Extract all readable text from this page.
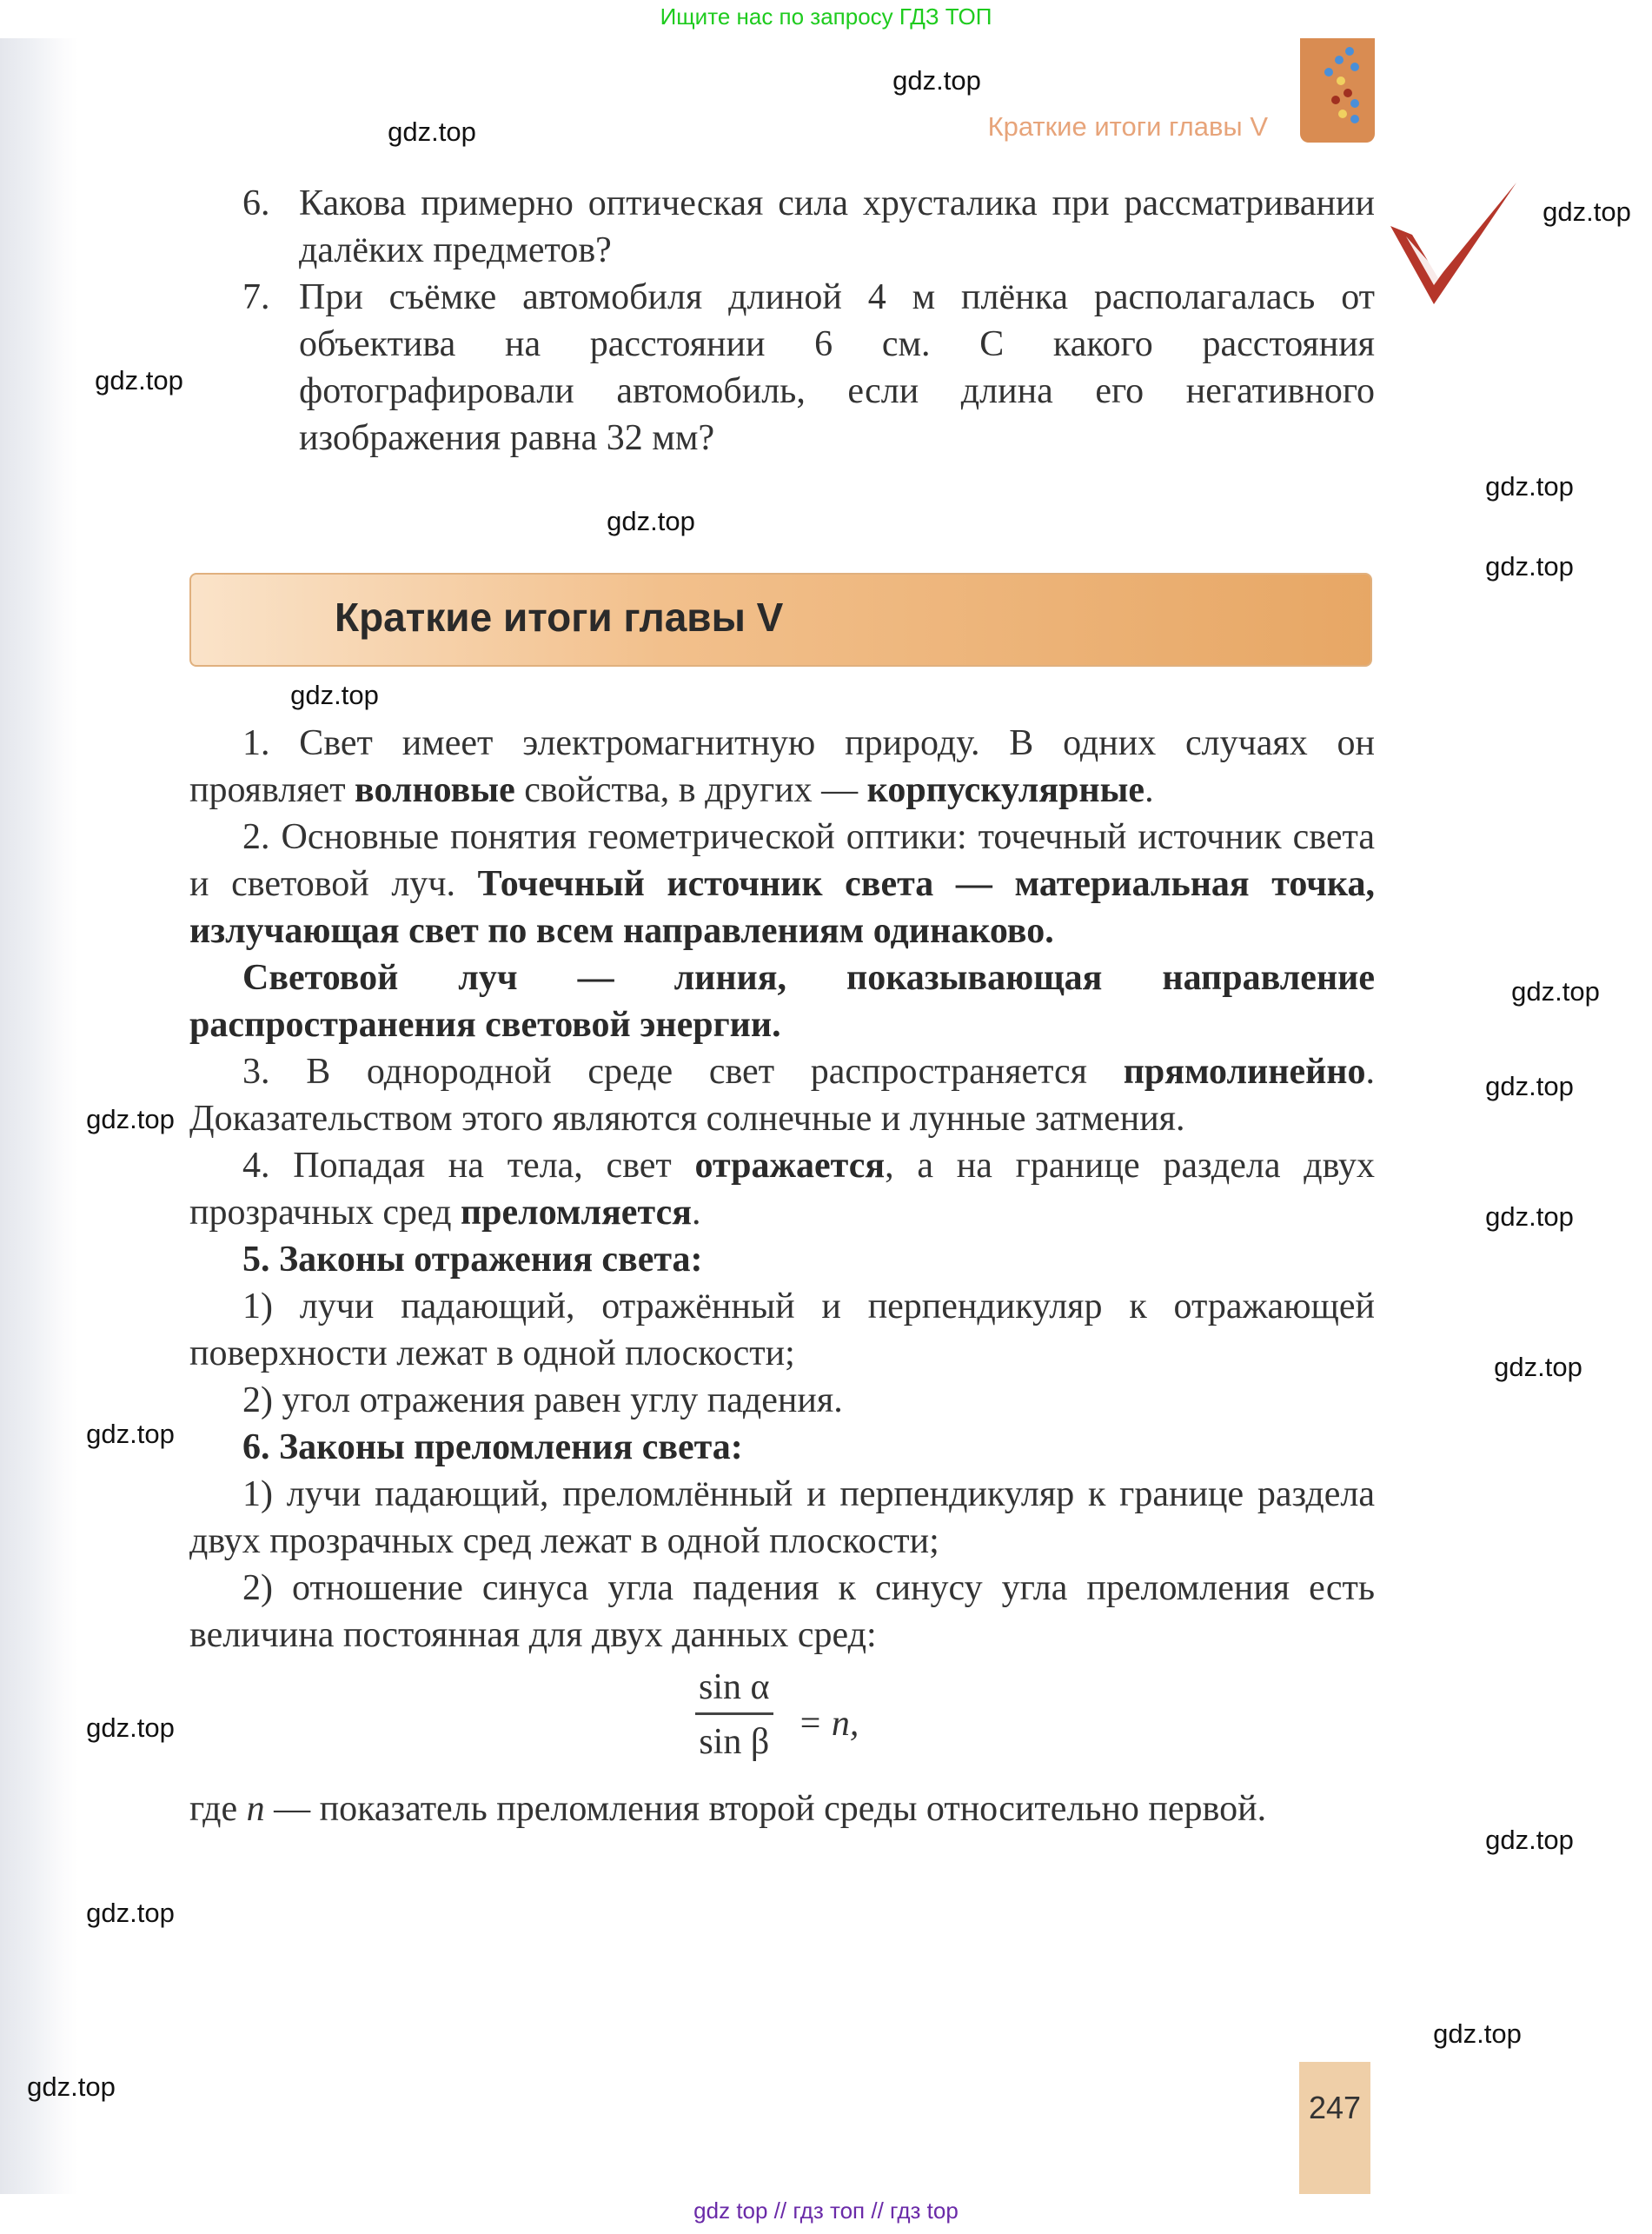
Ищите нас по запросу ГДЗ ТОП
Краткие итоги главы V

6. Какова примерно оптическая сила хрусталика при рассматривании далёких предметов?

7. При съёмке автомобиля длиной 4 м плёнка располагалась от объектива на расстоянии 6 см. С какого расстояния фотографировали автомобиль, если длина его негативного изображения равна 32 мм?

Краткие итоги главы V

1. Свет имеет электромагнитную природу. В одних случаях он проявляет волновые свойства, в других — корпускулярные.

2. Основные понятия геометрической оптики: точечный источник света и световой луч. Точечный источник света — материальная точка, излучающая свет по всем направлениям одинаково.

Световой луч — линия, показывающая направление распространения световой энергии.

3. В однородной среде свет распространяется прямолинейно. Доказательством этого являются солнечные и лунные затмения.

4. Попадая на тела, свет отражается, а на границе раздела двух прозрачных сред преломляется.

5. Законы отражения света:

1) лучи падающий, отражённый и перпендикуляр к отражающей поверхности лежат в одной плоскости;

2) угол отражения равен углу падения.

6. Законы преломления света:

1) лучи падающий, преломлённый и перпендикуляр к границе раздела двух прозрачных сред лежат в одной плоскости;

2) отношение синуса угла падения к синусу угла преломления есть величина постоянная для двух данных сред:

$\frac{\text{sin α}}{\text{sin β}} = n$,

где n — показатель преломления второй среды относительно первой.

247
gdz.top
gdz.top
gdz.top
gdz.top
gdz.top
gdz.top
gdz.top
gdz.top
gdz.top
gdz.top
gdz.top
gdz.top
gdz.top
gdz.top
gdz.top
gdz.top
gdz.top
gdz.top
gdz.top
gdz top // гдз топ // гдз top
